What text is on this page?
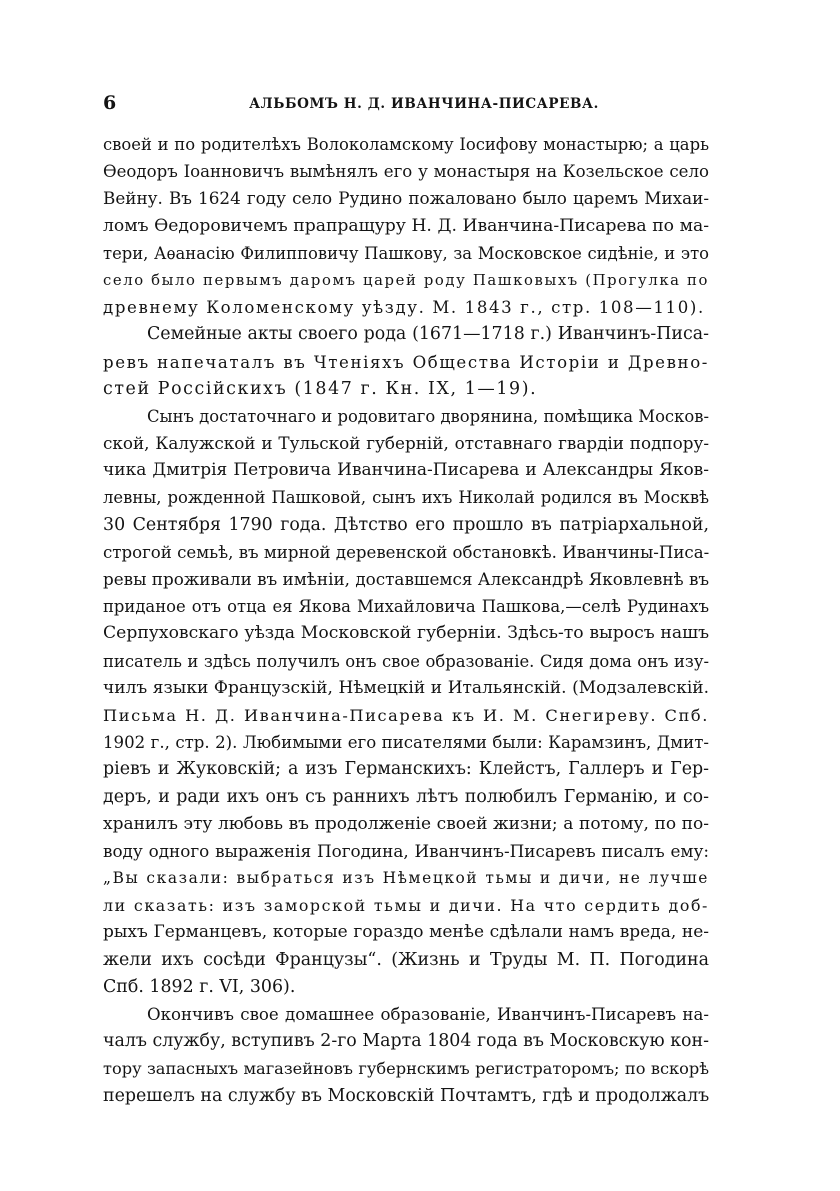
6	АЛЬБОМЪ Н. Д. ИВАНЧИНА-ПИСАРЕВА.
своей и по родителѣхъ Волоколамскому Іосифову монастырю; а царь
Ѳеодоръ Іоанновичъ вымѣнялъ его у монастыря на Козельское село
Вейну. Въ 1624 году село Рудино пожаловано было царемъ Михаи-
ломъ Ѳедоровичемъ прапращуру Н. Д. Иванчина-Писарева по ма-
тери, Аѳанасію Филипповичу Пашкову, за Московское сидѣніе, и это
село было первымъ даромъ царей роду Пашковыхъ (Прогулка по
древнему Коломенскому уѣзду. М. 1843 г., стр. 108—110).
Семейные акты своего рода (1671—1718 г.) Иванчинъ-Писа-
ревъ напечаталъ въ Чтеніяхъ Общества Исторіи и Древно-
стей Россійскихъ (1847 г. Кн. IX, 1—19).
Сынъ достаточнаго и родовитаго дворянина, помѣщика Москов-
ской, Калужской и Тульской губерній, отставнаго гвардіи подпору-
чика Дмитрія Петровича Иванчина-Писарева и Александры Яков-
левны, рожденной Пашковой, сынъ ихъ Николай родился въ Москвѣ
30 Сентября 1790 года. Дѣтство его прошло въ патріархальной,
строгой семьѣ, въ мирной деревенской обстановкѣ. Иванчины-Писа-
ревы проживали въ имѣніи, доставшемся Александрѣ Яковлевнѣ въ
приданое отъ отца ея Якова Михайловича Пашкова,—селѣ Рудинахъ
Серпуховскаго уѣзда Московской губерніи. Здѣсь-то выросъ нашъ
писатель и здѣсь получилъ онъ свое образованіе. Сидя дома онъ изу-
чилъ языки Французскій, Нѣмецкій и Итальянскій. (Модзалевскій.
Письма Н. Д. Иванчина-Писарева къ И. М. Снегиреву. Спб.
1902 г., стр. 2). Любимыми его писателями были: Карамзинъ, Дмит-
ріевъ и Жуковскій; а изъ Германскихъ: Клейстъ, Галлеръ и Гер-
деръ, и ради ихъ онъ съ раннихъ лѣтъ полюбилъ Германію, и со-
хранилъ эту любовь въ продолженіе своей жизни; а потому, по по-
воду одного выраженія Погодина, Иванчинъ-Писаревъ писалъ ему:
„Вы сказали: выбраться изъ Нѣмецкой тьмы и дичи, не лучше
ли сказать: изъ заморской тьмы и дичи. На что сердить доб-
рыхъ Германцевъ, которые гораздо менѣе сдѣлали намъ вреда, не-
жели ихъ сосѣди Французы“. (Жизнь и Труды М. П. Погодина
Спб. 1892 г. VI, 306).
Окончивъ свое домашнее образованіе, Иванчинъ-Писаревъ на-
чалъ службу, вступивъ 2-го Марта 1804 года въ Московскую кон-
тору запасныхъ магазейновъ губернскимъ регистраторомъ; по вскорѣ
перешелъ на службу въ Московскій Почтамтъ, гдѣ и продолжалъ
